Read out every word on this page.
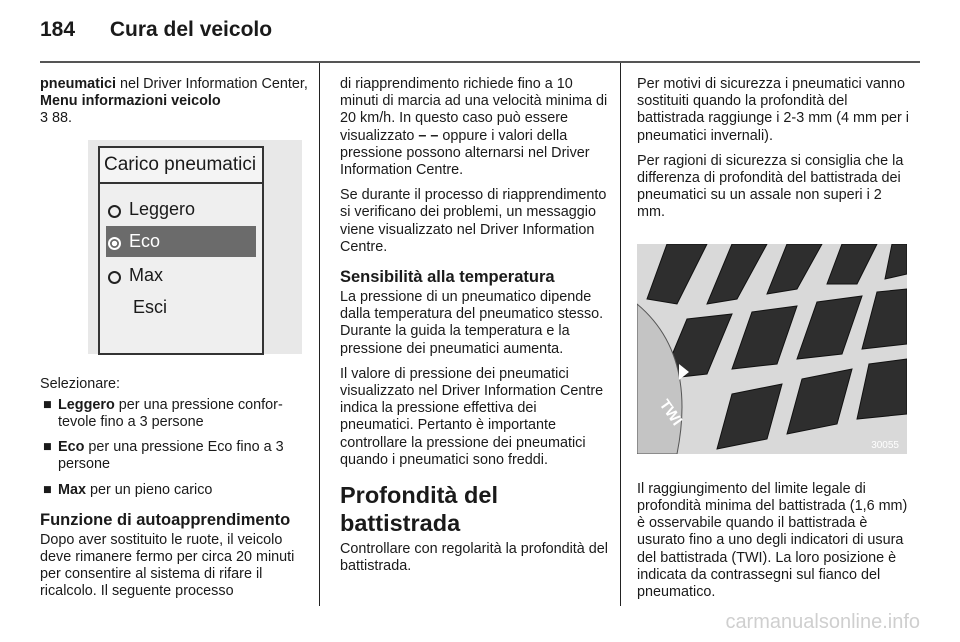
184 Cura del veicolo

pneumatici nel Driver Information Center, Menu informazioni veicolo
3 88.

Carico pneumatici
Leggero
Eco
Max
Esci

Selezionare:

■ Leggero per una pressione confortevole fino a 3 persone
■ Eco per una pressione Eco fino a 3 persone
■ Max per un pieno carico
Funzione di autoapprendimento

Dopo aver sostituito le ruote, il veicolo deve rimanere fermo per circa 20 minuti per consentire al sistema di rifare il ricalcolo. Il seguente processo

di riapprendimento richiede fino a 10 minuti di marcia ad una velocità minima di 20 km/h. In questo caso può essere visualizzato – – oppure i valori della pressione possono alternarsi nel Driver Information Centre.

Se durante il processo di riapprendimento si verificano dei problemi, un messaggio viene visualizzato nel Driver Information Centre.

Sensibilità alla temperatura

La pressione di un pneumatico dipende dalla temperatura del pneumatico stesso. Durante la guida la temperatura e la pressione dei pneumatici aumenta.

Il valore di pressione dei pneumatici visualizzato nel Driver Information Centre indica la pressione effettiva dei pneumatici. Pertanto è importante controllare la pressione dei pneumatici quando i pneumatici sono freddi.

Profondità del battistrada

Controllare con regolarità la profondità del battistrada.

Per motivi di sicurezza i pneumatici vanno sostituiti quando la profondità del battistrada raggiunge i 2-3 mm (4 mm per i pneumatici invernali).

Per ragioni di sicurezza si consiglia che la differenza di profondità del battistrada dei pneumatici su un assale non superi i 2 mm.

TWI
30055

Il raggiungimento del limite legale di profondità minima del battistrada (1,6 mm) è osservabile quando il battistrada è usurato fino a uno degli indicatori di usura del battistrada (TWI). La loro posizione è indicata da contrassegni sul fianco del pneumatico.

carmanualsonline.info
